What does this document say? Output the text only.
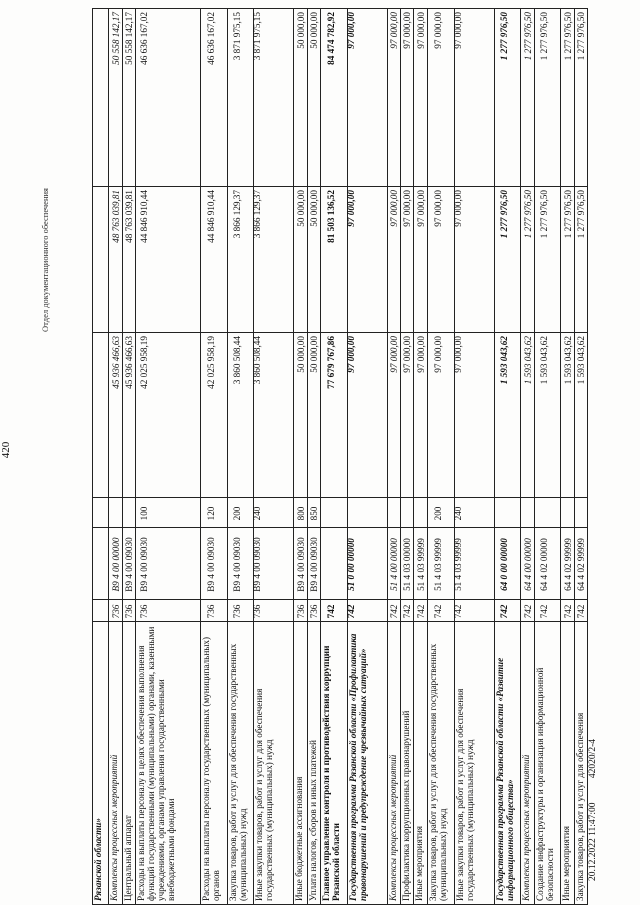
420
Отдел документационного обеспечения
Рязанской области» Комплексы процессных мероприятий
736
В9 4 00 00000
45 936 466,63
48 763 039,81
50 558 142,17
Центральный аппарат
736
В9 4 00 09030
45 936 466,63
48 763 039,81
50 558 142,17
Расходы на выплаты персоналу в целях обеспечения выполнения функций государственными (муниципальными) органами, казенными учреждениями, органами управления государственными внебюджетными фондами
736
В9 4 00 09030
100
42 025 958,19
44 846 910,44
46 636 167,02
Расходы на выплаты персоналу государственных (муниципальных) органов
736
В9 4 00 09030
120
42 025 958,19
44 846 910,44
46 636 167,02
Закупка товаров, работ и услуг для обеспечения государственных (муниципальных) нужд
736
В9 4 00 09030
200
3 860 508,44
3 866 129,37
3 871 975,15
Иные закупки товаров, работ и услуг для обеспечения государственных (муниципальных) нужд
736
В9 4 00 09030
240
3 860 508,44
3 866 129,37
3 871 975,15
Иные бюджетные ассигнования
736
В9 4 00 09030
800
50 000,00
50 000,00
50 000,00
Уплата налогов, сборов и иных платежей
736
В9 4 00 09030
850
50 000,00
50 000,00
50 000,00
Главное управление контроля и противодействия коррупции Рязанской области
742
77 679 767,86
81 503 136,52
84 474 782,92
Государственная программа Рязанской области «Профилактика правонарушений и предупреждение чрезвычайных ситуаций»
742
51 0 00 00000
97 000,00
97 000,00
97 000,00
Комплексы процессных мероприятий
742
51 4 00 00000
97 000,00
97 000,00
97 000,00
Профилактика коррупционных правонарушений
742
51 4 03 00000
97 000,00
97 000,00
97 000,00
Иные мероприятия
742
51 4 03 99999
97 000,00
97 000,00
97 000,00
Закупка товаров, работ и услуг для обеспечения государственных (муниципальных) нужд
742
51 4 03 99999
200
97 000,00
97 000,00
97 000,00
Иные закупки товаров, работ и услуг для обеспечения государственных (муниципальных) нужд
742
51 4 03 99999
240
97 000,00
97 000,00
97 000,00
Государственная программа Рязанской области «Развитие информационного общества»
742
64 0 00 00000
1 593 043,62
1 277 976,50
1 277 976,50
Комплексы процессных мероприятий
742
64 4 00 00000
1 593 043,62
1 277 976,50
1 277 976,50
Создание инфраструктуры и организация информационной безопасности
742
64 4 02 00000
1 593 043,62
1 277 976,50
1 277 976,50
Иные мероприятия
742
64 4 02 99999
1 593 043,62
1 277 976,50
1 277 976,50
Закупка товаров, работ и услуг для обеспечения
742
64 4 02 99999
1 593 043,62
1 277 976,50
1 277 976,50
20.12.2022 11:47:00 42020/2-4
